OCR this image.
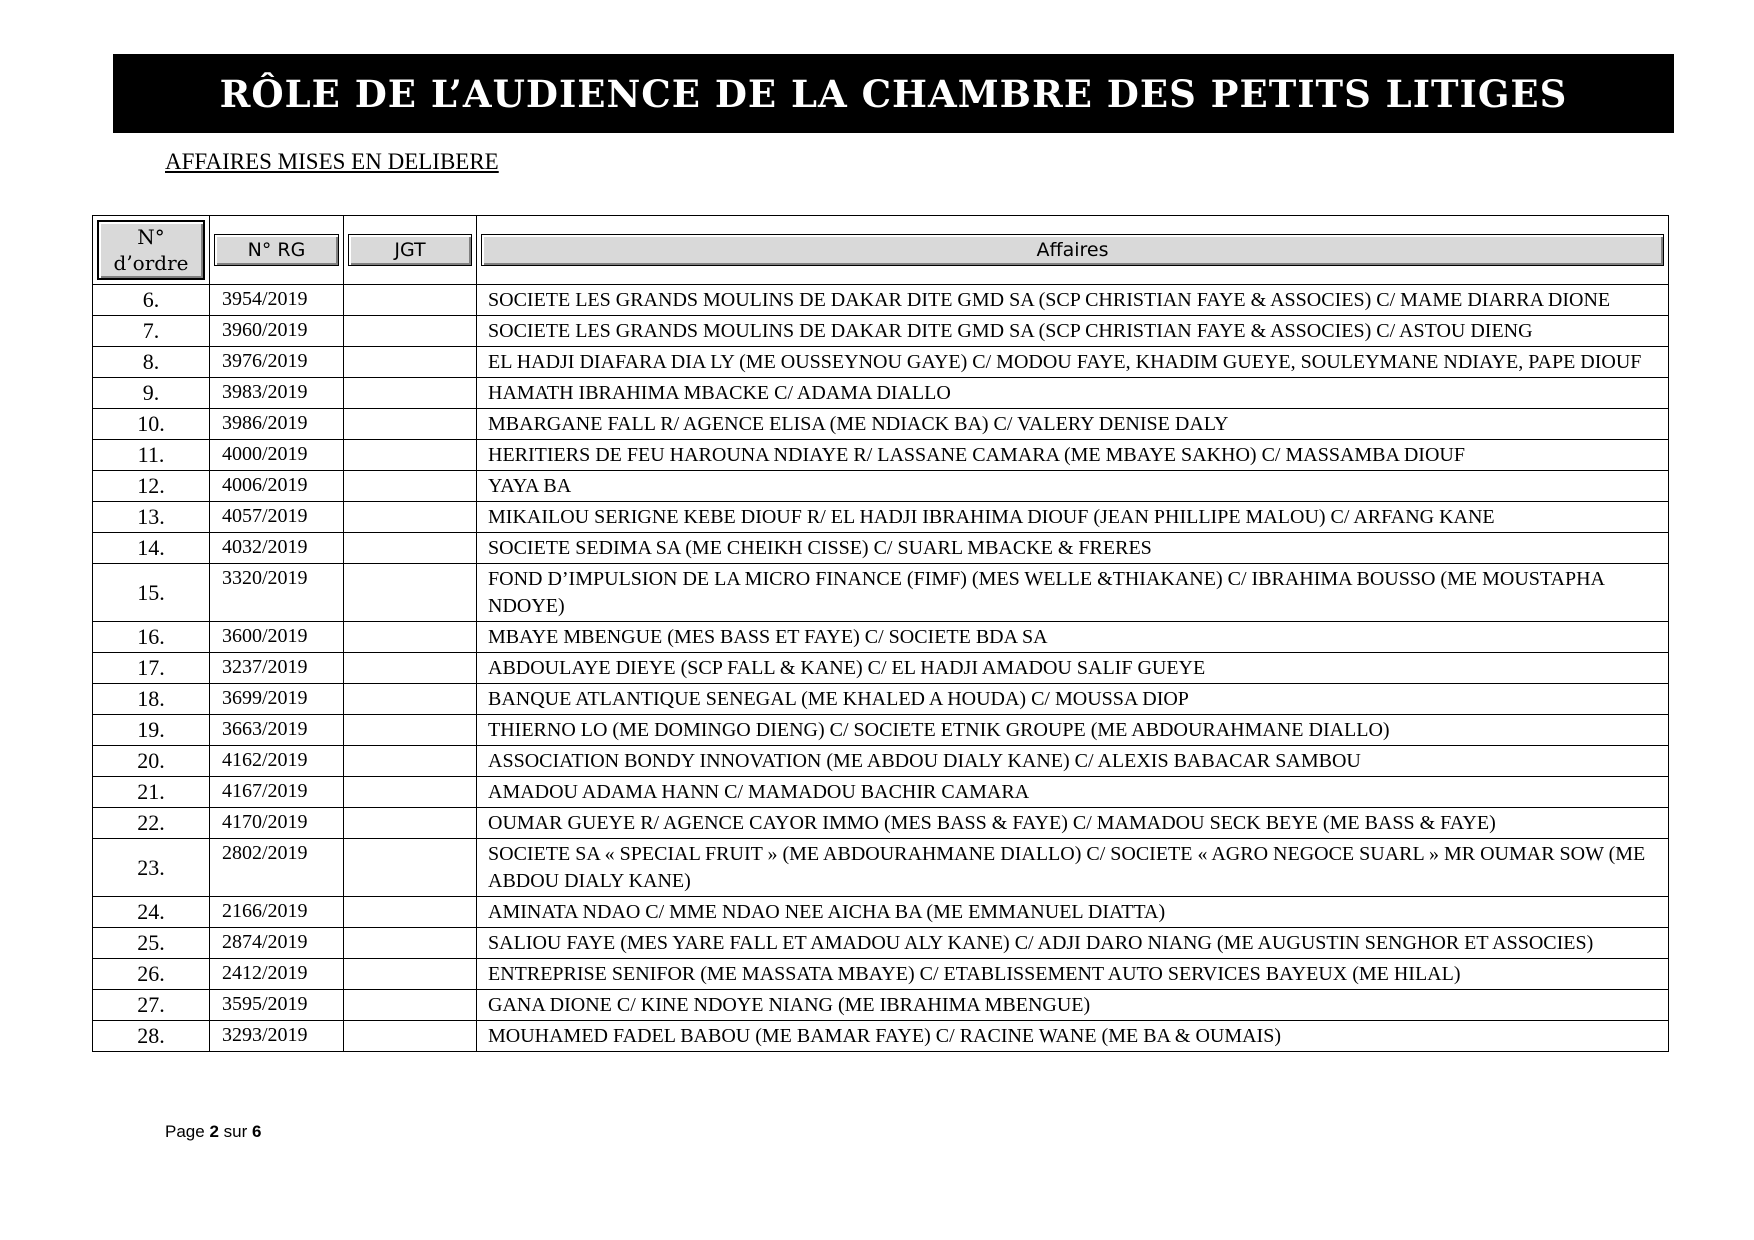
RÔLE DE L’AUDIENCE DE LA CHAMBRE DES PETITS LITIGES
AFFAIRES MISES EN DELIBERE
N° d’ordre	N° RG	JGT	Affaires

6.	3954/2019		SOCIETE LES GRANDS MOULINS DE DAKAR DITE GMD SA (SCP CHRISTIAN FAYE & ASSOCIES) C/ MAME DIARRA DIONE
7.	3960/2019		SOCIETE LES GRANDS MOULINS DE DAKAR DITE GMD SA (SCP CHRISTIAN FAYE & ASSOCIES) C/ ASTOU DIENG
8.	3976/2019		EL HADJI DIAFARA DIA LY (ME OUSSEYNOU GAYE) C/ MODOU FAYE, KHADIM GUEYE, SOULEYMANE NDIAYE, PAPE DIOUF
9.	3983/2019		HAMATH IBRAHIMA MBACKE C/ ADAMA DIALLO
10.	3986/2019		MBARGANE FALL R/ AGENCE ELISA (ME NDIACK BA) C/ VALERY DENISE DALY
11.	4000/2019		HERITIERS DE FEU HAROUNA NDIAYE R/ LASSANE CAMARA (ME MBAYE SAKHO) C/ MASSAMBA DIOUF
12.	4006/2019		YAYA BA
13.	4057/2019		MIKAILOU SERIGNE KEBE DIOUF R/ EL HADJI IBRAHIMA DIOUF (JEAN PHILLIPE MALOU) C/ ARFANG KANE
14.	4032/2019		SOCIETE SEDIMA SA (ME CHEIKH CISSE) C/ SUARL MBACKE & FRERES
15.	3320/2019		FOND D’IMPULSION DE LA MICRO FINANCE (FIMF) (MES WELLE &THIAKANE) C/ IBRAHIMA BOUSSO (ME MOUSTAPHA NDOYE)
16.	3600/2019		MBAYE MBENGUE (MES BASS ET FAYE) C/ SOCIETE BDA SA
17.	3237/2019		ABDOULAYE DIEYE (SCP FALL & KANE) C/ EL HADJI AMADOU SALIF GUEYE
18.	3699/2019		BANQUE ATLANTIQUE SENEGAL (ME KHALED A HOUDA) C/ MOUSSA DIOP
19.	3663/2019		THIERNO LO (ME DOMINGO DIENG) C/ SOCIETE ETNIK GROUPE (ME ABDOURAHMANE DIALLO)
20.	4162/2019		ASSOCIATION BONDY INNOVATION (ME ABDOU DIALY KANE) C/ ALEXIS BABACAR SAMBOU
21.	4167/2019		AMADOU ADAMA HANN C/ MAMADOU BACHIR CAMARA
22.	4170/2019		OUMAR GUEYE R/ AGENCE CAYOR IMMO (MES BASS & FAYE) C/ MAMADOU SECK BEYE (ME BASS & FAYE)
23.	2802/2019		SOCIETE SA « SPECIAL FRUIT » (ME ABDOURAHMANE DIALLO) C/ SOCIETE « AGRO NEGOCE SUARL » MR OUMAR SOW (ME ABDOU DIALY KANE)
24.	2166/2019		AMINATA NDAO C/ MME NDAO NEE AICHA BA (ME EMMANUEL DIATTA)
25.	2874/2019		SALIOU FAYE (MES YARE FALL ET AMADOU ALY KANE) C/ ADJI DARO NIANG (ME AUGUSTIN SENGHOR ET ASSOCIES)
26.	2412/2019		ENTREPRISE SENIFOR (ME MASSATA MBAYE) C/ ETABLISSEMENT AUTO SERVICES BAYEUX (ME HILAL)
27.	3595/2019		GANA DIONE C/ KINE NDOYE NIANG (ME IBRAHIMA MBENGUE)
28.	3293/2019		MOUHAMED FADEL BABOU (ME BAMAR FAYE) C/ RACINE WANE (ME BA & OUMAIS)
Page 2 sur 6
